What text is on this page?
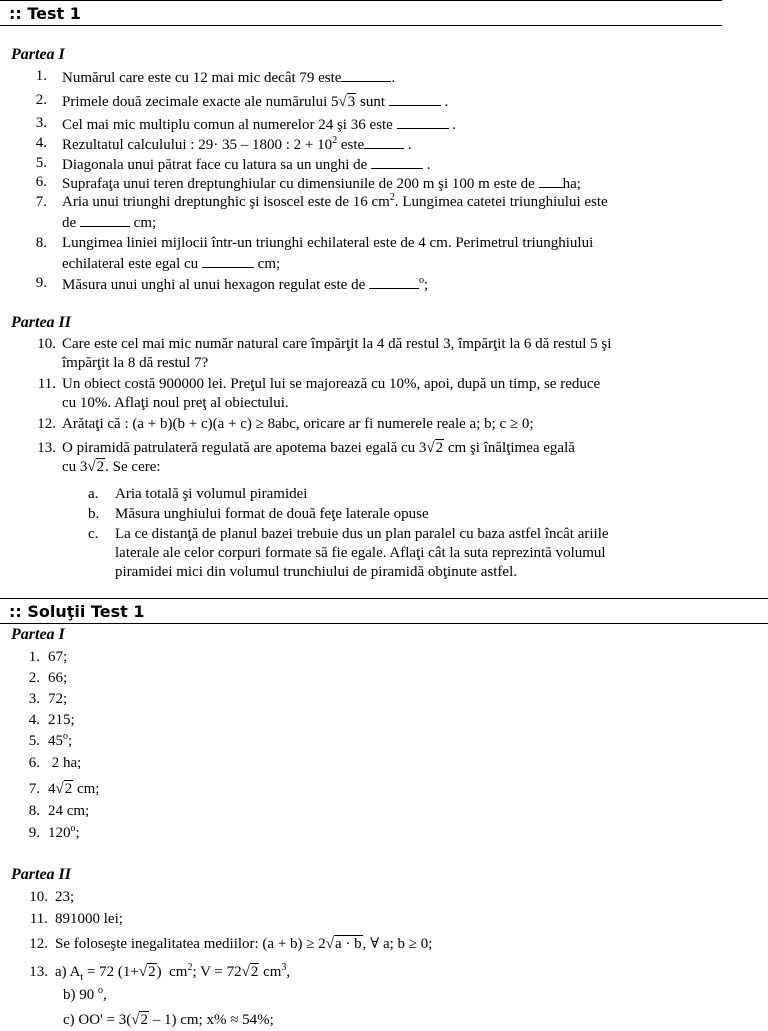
:: Test 1
Partea I
1. Numărul care este cu 12 mai mic decât 79 este	.
2. Primele două zecimale exacte ale numărului 5√3 sunt	.
3. Cel mai mic multiplu comun al numerelor 24 şi 36 este	.
4. Rezultatul calculului : 29· 35 – 1800 : $2 + 10^2$ este	.
5. Diagonala unui pătrat face cu latura sa un unghi de	.
6. Suprafaţa unui teren dreptunghiular cu dimensiunile de 200 m şi 100 m este de ha;
7. Aria unui triunghi dreptunghic şi isoscel este de 16 $cm^2$. Lungimea catetei triunghiului este
de	cm;
8. Lungimea liniei mijlocii într-un triunghi echilateral este de 4 cm. Perimetrul triunghiului
echilateral este egal cu	cm;
9. Măsura unui unghi al unui hexagon regulat este de	$^o$;
Partea II
10. Care este cel mai mic număr natural care împărţit la 4 dă restul 3, împărţit la 6 dă restul 5 şi
împărţit la 8 dă restul 7?
11. Un obiect costă 900000 lei. Preţul lui se majorează cu 10%, apoi, după un timp, se reduce
cu 10%. Aflaţi noul preţ al obiectului.
12. Arătaţi că : (a + b)(b + c)(a + c) ≥ 8abc, oricare ar fi numerele reale a; b; c ≥ 0;
13. O piramidă patrulateră regulată are apotema bazei egală cu 3√2 cm şi înălţimea egală
cu 3√2. Se cere:
a. Aria totală şi volumul piramidei
b. Măsura unghiului format de două feţe laterale opuse
c. La ce distanţă de planul bazei trebuie dus un plan paralel cu baza astfel încât ariile
laterale ale celor corpuri formate să fie egale. Aflaţi cât la suta reprezintă volumul
piramidei mici din volumul trunchiului de piramidă obţinute astfel.
:: Soluţii Test 1
Partea I
1. 67;
2. 66;
3. 72;
4. 215;
5. 45$^o$;
6. 2 ha;
7. 4√2 cm;
8. 24 cm;
9. 120$^o$;
Partea II
10. 23;
11. 891000 lei;
12. Se foloseşte inegalitatea mediilor: (a + b) ≥ 2√a · b, ∀ a; b ≥ 0;
13. a) $A_t = 72$ (1+√2)  $cm^2$; V = 72√2 $cm^3$,
b) 90 $^o$,
c) OO' = 3(√2 – 1) cm; x% ≈ 54%;
